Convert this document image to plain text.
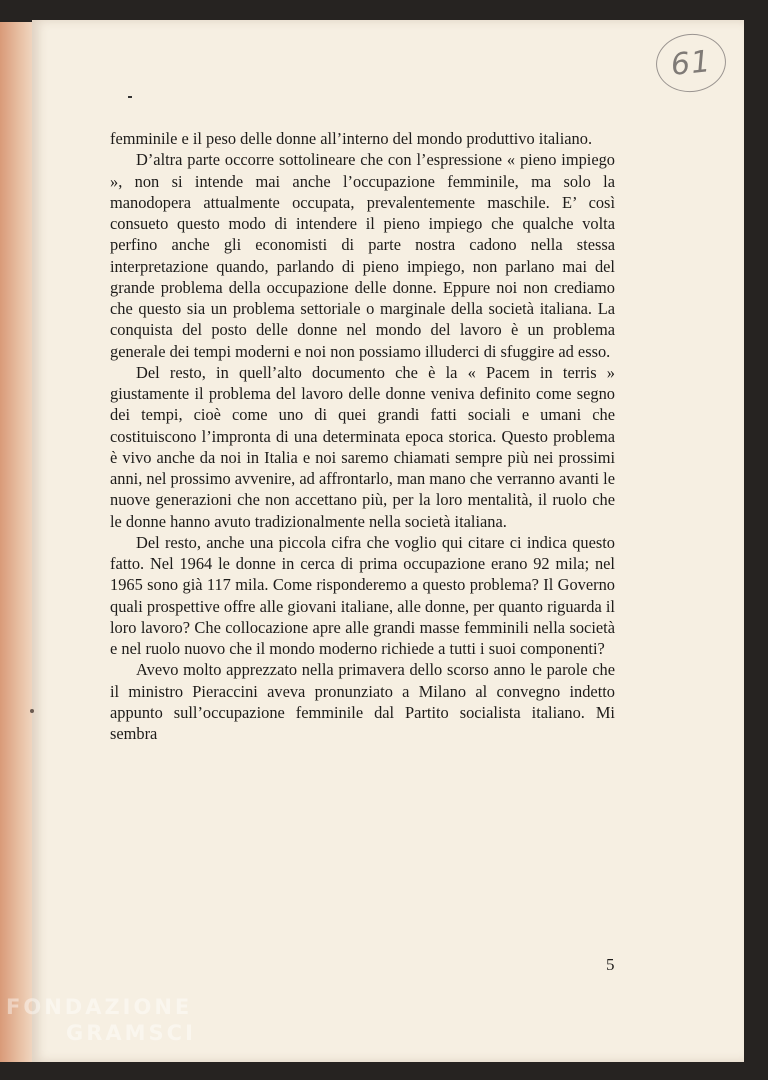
61

femminile e il peso delle donne all’interno del mondo produttivo italiano.

D’altra parte occorre sottolineare che con l’espressione « pieno impiego », non si intende mai anche l’occupazione femminile, ma solo la manodopera attualmente occupata, prevalentemente maschile. E’ così consueto questo modo di intendere il pieno impiego che qualche volta perfino anche gli economisti di parte nostra cadono nella stessa interpretazione quando, parlando di pieno impiego, non parlano mai del grande problema della occupazione delle donne. Eppure noi non crediamo che questo sia un problema settoriale o marginale della società italiana. La conquista del posto delle donne nel mondo del lavoro è un problema generale dei tempi moderni e noi non possiamo illuderci di sfuggire ad esso.

Del resto, in quell’alto documento che è la « Pacem in terris » giustamente il problema del lavoro delle donne veniva definito come segno dei tempi, cioè come uno di quei grandi fatti sociali e umani che costituiscono l’impronta di una determinata epoca storica. Questo problema è vivo anche da noi in Italia e noi saremo chiamati sempre più nei prossimi anni, nel prossimo avvenire, ad affrontarlo, man mano che verranno avanti le nuove generazioni che non accettano più, per la loro mentalità, il ruolo che le donne hanno avuto tradizionalmente nella società italiana.

Del resto, anche una piccola cifra che voglio qui citare ci indica questo fatto. Nel 1964 le donne in cerca di prima occupazione erano 92 mila; nel 1965 sono già 117 mila. Come risponderemo a questo problema? Il Governo quali prospettive offre alle giovani italiane, alle donne, per quanto riguarda il loro lavoro? Che collocazione apre alle grandi masse femminili nella società e nel ruolo nuovo che il mondo moderno richiede a tutti i suoi componenti?

Avevo molto apprezzato nella primavera dello scorso anno le parole che il ministro Pieraccini aveva pronunziato a Milano al convegno indetto appunto sull’occupazione femminile dal Partito socialista italiano. Mi sembra

5
FONDAZIONE
GRAMSCI
